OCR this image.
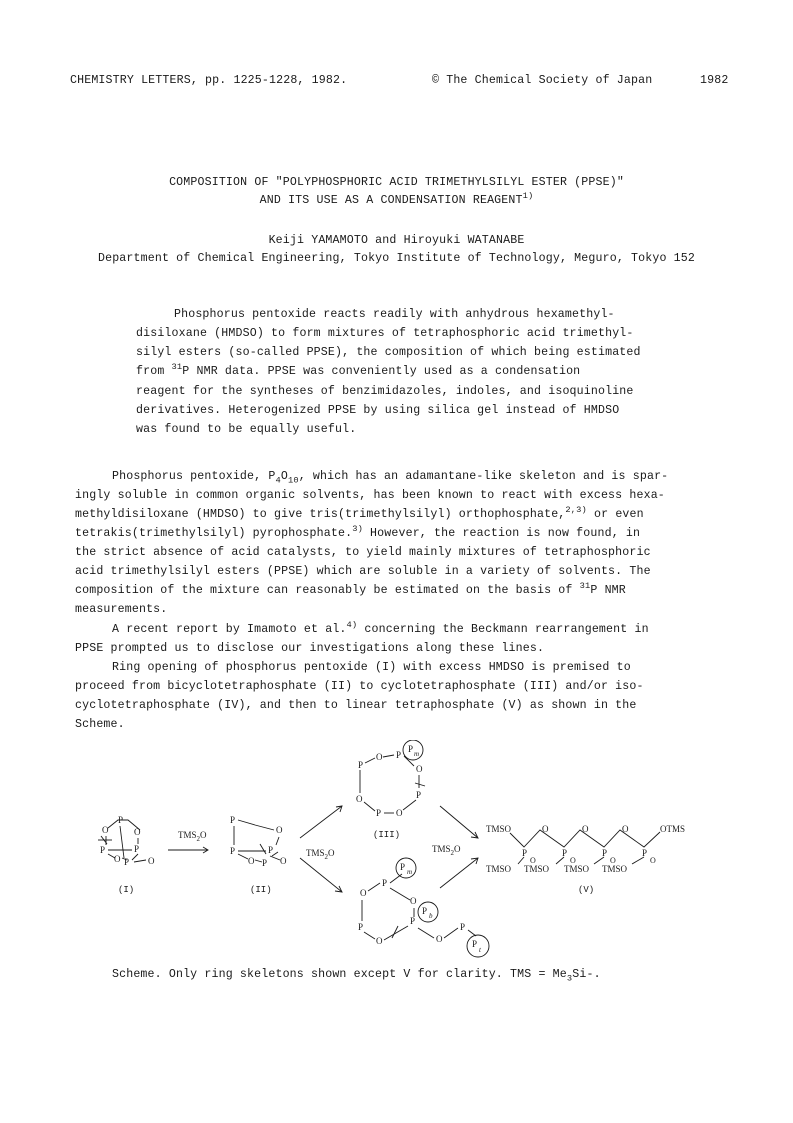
CHEMISTRY LETTERS, pp. 1225-1228, 1982.	© The Chemical Society of Japan	1982
COMPOSITION OF "POLYPHOSPHORIC ACID TRIMETHYLSILYL ESTER (PPSE)"
AND ITS USE AS A CONDENSATION REAGENT$^{1)}$
Keiji YAMAMOTO and Hiroyuki WATANABE
Department of Chemical Engineering, Tokyo Institute of Technology, Meguro, Tokyo 152
Phosphorus pentoxide reacts readily with anhydrous hexamethyl-
disiloxane (HMDSO) to form mixtures of tetraphosphoric acid trimethyl-
silyl esters (so-called PPSE), the composition of which being estimated
from $^{31}$P NMR data. PPSE was conveniently used as a condensation
reagent for the syntheses of benzimidazoles, indoles, and isoquinoline
derivatives. Heterogenized PPSE by using silica gel instead of HMDSO
was found to be equally useful.
Phosphorus pentoxide, $P_4O_{10}$, which has an adamantane-like skeleton and is spar-
ingly soluble in common organic solvents, has been known to react with excess hexa-
methyldisiloxane (HMDSO) to give tris(trimethylsilyl) orthophosphate,$^{2,3)}$ or even
tetrakis(trimethylsilyl) pyrophosphate.$^{3)}$ However, the reaction is now found, in
the strict absence of acid catalysts, to yield mainly mixtures of tetraphosphoric
acid trimethylsilyl esters (PPSE) which are soluble in a variety of solvents. The
composition of the mixture can reasonably be estimated on the basis of $^{31}$P NMR
measurements.
A recent report by Imamoto et al.$^{4)}$ concerning the Beckmann rearrangement in
PPSE prompted us to disclose our investigations along these lines.
Ring opening of phosphorus pentoxide (I) with excess HMDSO is premised to
proceed from bicyclotetraphosphate (II) to cyclotetraphosphate (III) and/or iso-
cyclotetraphosphate (IV), and then to linear tetraphosphate (V) as shown in the
Scheme.
P
O	O
P	P
O P O
(I)
$TMS_2O$
P
O
P	P
O P O
(II)
$TMS_2O$
P
O P
O
P
O
P
O
P m
(III)
P
O
P
O
O
P
O
P
P m
P b
P
t
$TMS_2O$
TMSO	O	O	O	OTMS
P	P	P	P
O	O	O	O
TMSO TMSO TMSO TMSO
(V)
Scheme. Only ring skeletons shown except V for clarity. TMS = $Me_3Si-$.
